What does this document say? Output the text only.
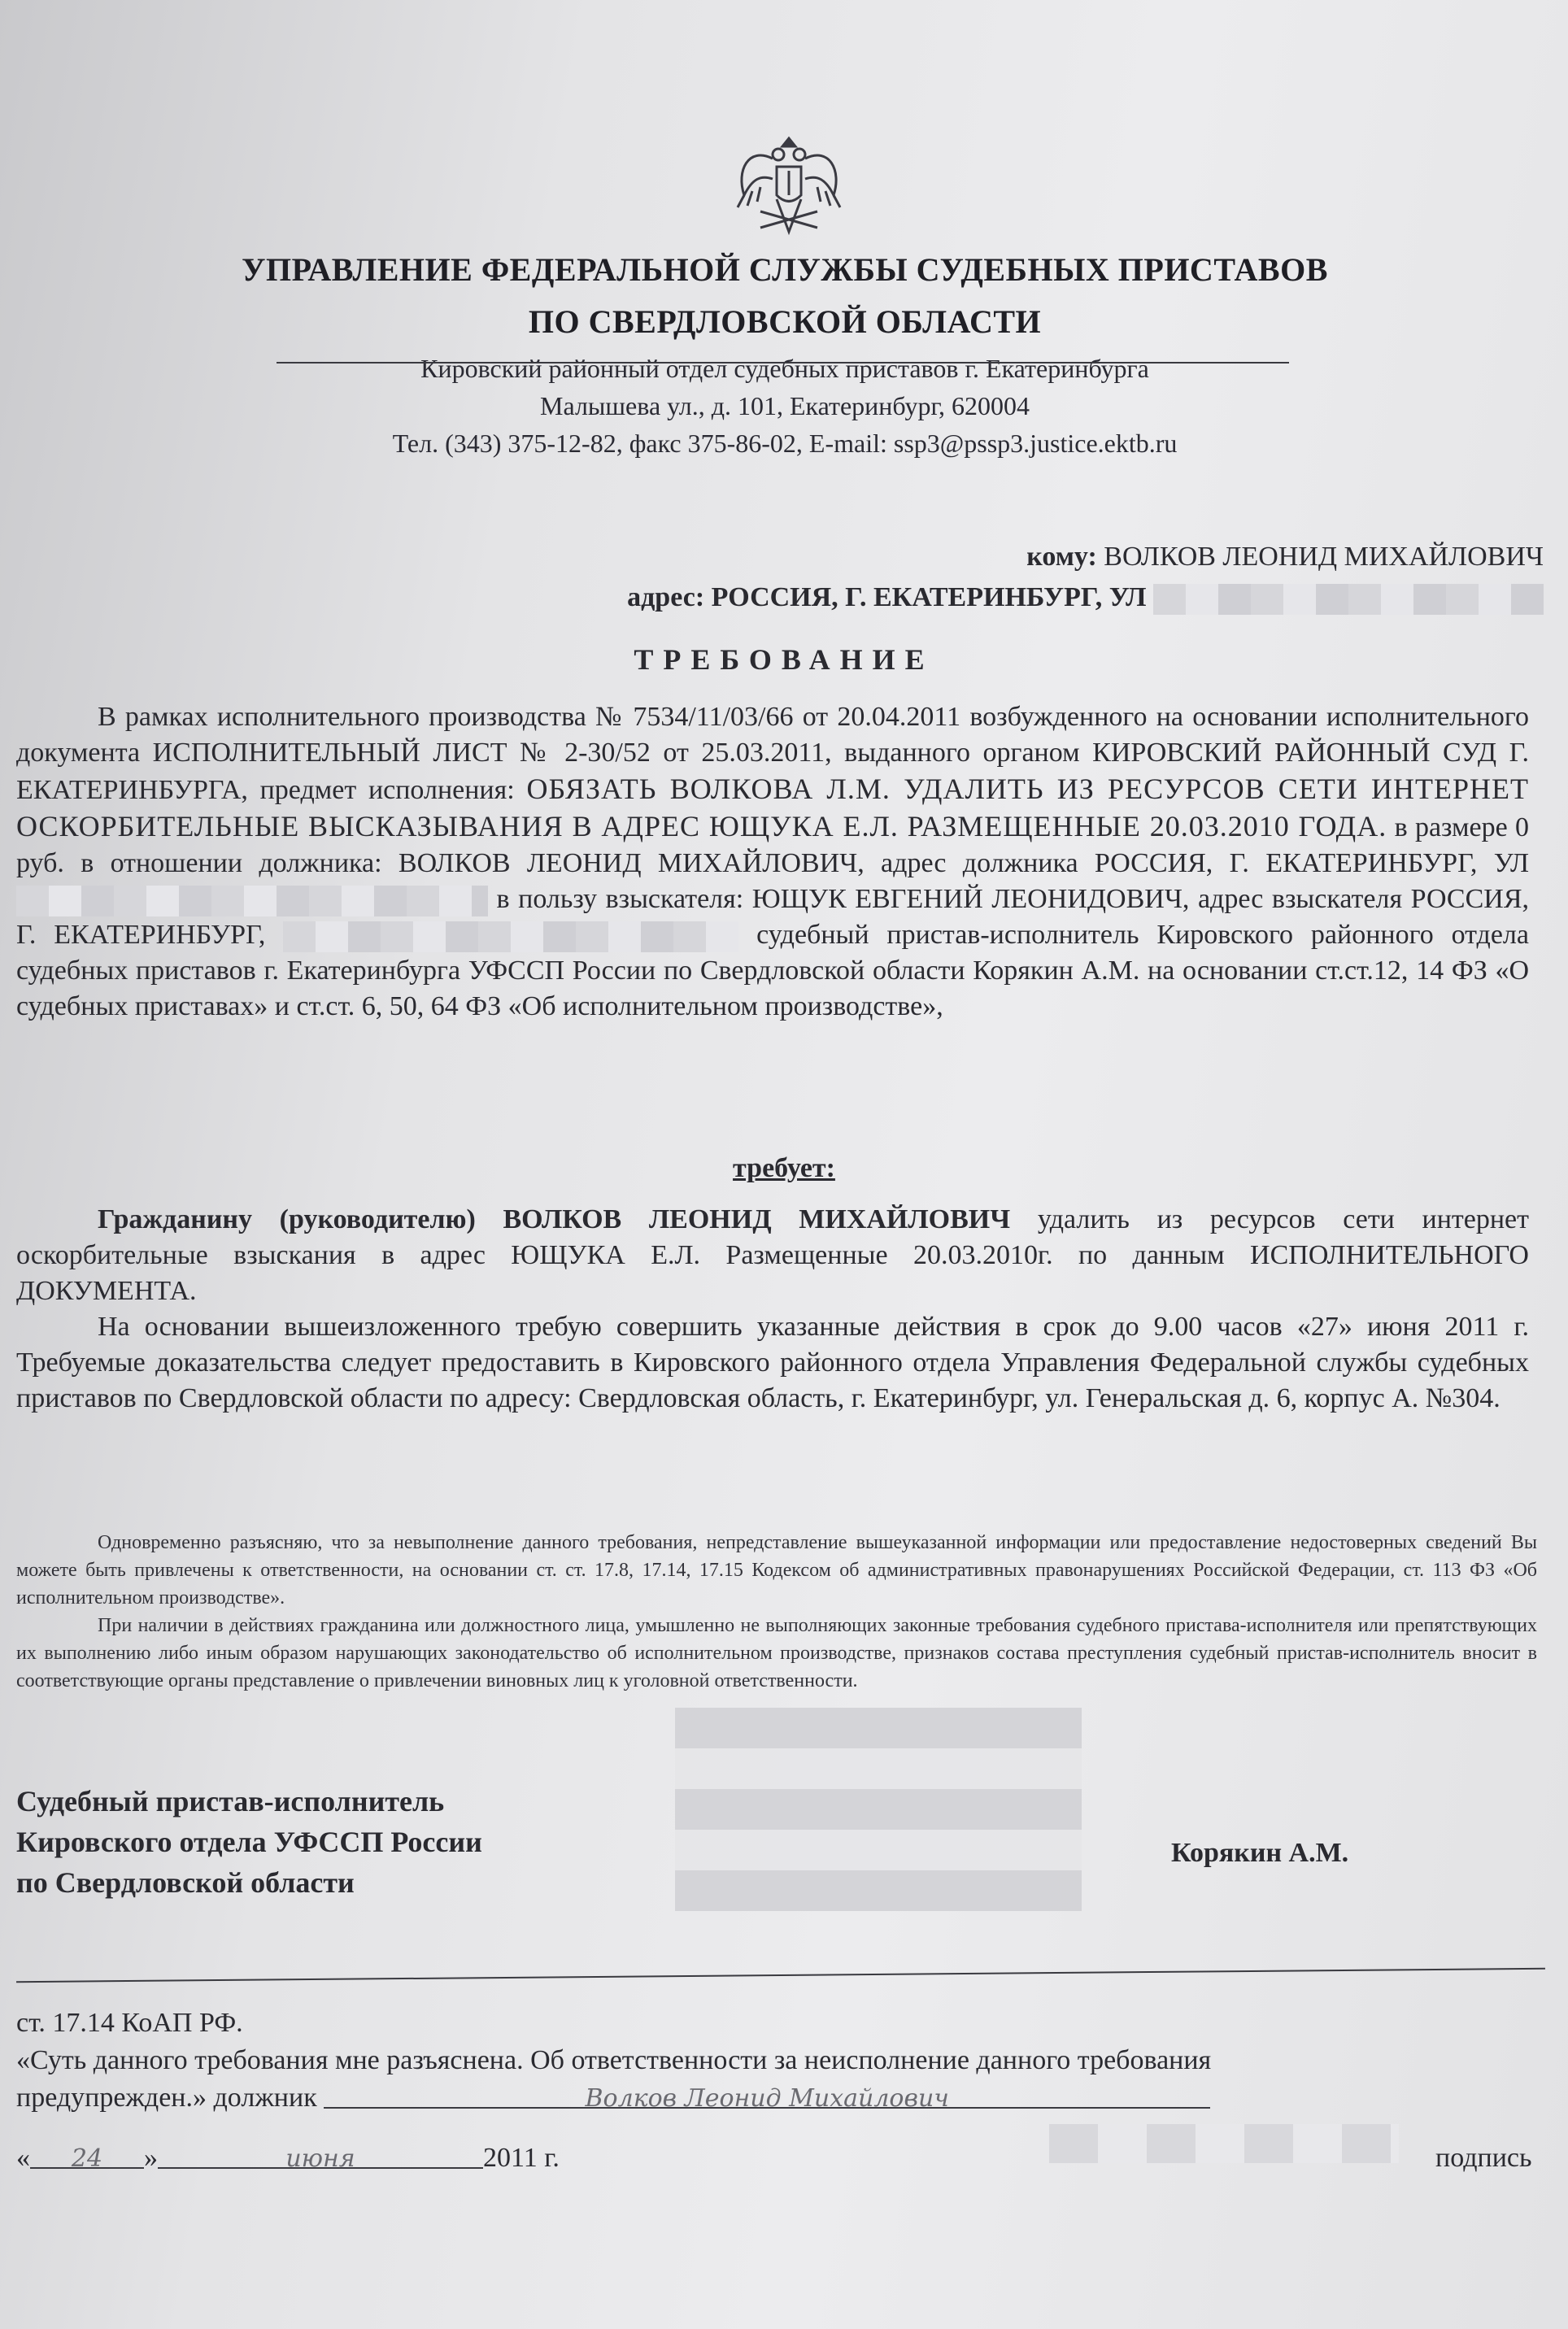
УПРАВЛЕНИЕ ФЕДЕРАЛЬНОЙ СЛУЖБЫ СУДЕБНЫХ ПРИСТАВОВ
ПО СВЕРДЛОВСКОЙ ОБЛАСТИ
Кировский районный отдел судебных приставов г. Екатеринбурга
Малышева ул., д. 101, Екатеринбург, 620004
Тел. (343) 375-12-82, факс 375-86-02, E-mail: ssp3@pssp3.justice.ektb.ru
кому: ВОЛКОВ ЛЕОНИД МИХАЙЛОВИЧ
адрес: РОССИЯ, Г. ЕКАТЕРИНБУРГ, УЛ
ТРЕБОВАНИЕ

В рамках исполнительного производства № 7534/11/03/66 от 20.04.2011 возбужденного на основании исполнительного документа ИСПОЛНИТЕЛЬНЫЙ ЛИСТ № 2-30/52 от 25.03.2011, выданного органом КИРОВСКИЙ РАЙОННЫЙ СУД Г. ЕКАТЕРИНБУРГА, предмет исполнения: ОБЯЗАТЬ ВОЛКОВА Л.М. УДАЛИТЬ ИЗ РЕСУРСОВ СЕТИ ИНТЕРНЕТ ОСКОРБИТЕЛЬНЫЕ ВЫСКАЗЫВАНИЯ В АДРЕС ЮЩУКА Е.Л. РАЗМЕЩЕННЫЕ 20.03.2010 ГОДА. в размере 0 руб. в отношении должника: ВОЛКОВ ЛЕОНИД МИХАЙЛОВИЧ, адрес должника РОССИЯ, Г. ЕКАТЕРИНБУРГ, УЛ  в пользу взыскателя: ЮЩУК ЕВГЕНИЙ ЛЕОНИДОВИЧ, адрес взыскателя РОССИЯ, Г. ЕКАТЕРИНБУРГ,	судебный пристав-исполнитель Кировского районного отдела судебных приставов г. Екатеринбурга УФССП России по Свердловской области Корякин А.М. на основании ст.ст.12, 14 ФЗ «О судебных приставах» и ст.ст. 6, 50, 64 ФЗ «Об исполнительном производстве»,

требует:

Гражданину (руководителю) ВОЛКОВ ЛЕОНИД МИХАЙЛОВИЧ удалить из ресурсов сети интернет оскорбительные взыскания в адрес ЮЩУКА Е.Л. Размещенные 20.03.2010г. по данным ИСПОЛНИТЕЛЬНОГО ДОКУМЕНТА.

На основании вышеизложенного требую совершить указанные действия в срок до 9.00 часов «27» июня 2011 г. Требуемые доказательства следует предоставить в Кировского районного отдела Управления Федеральной службы судебных приставов по Свердловской области по адресу: Свердловская область, г. Екатеринбург, ул. Генеральская д. 6, корпус А. №304.

Одновременно разъясняю, что за невыполнение данного требования, непредставление вышеуказанной информации или предоставление недостоверных сведений Вы можете быть привлечены к ответственности, на основании ст. ст. 17.8, 17.14, 17.15 Кодексом об административных правонарушениях Российской Федерации, ст. 113 ФЗ «Об исполнительном производстве».

При наличии в действиях гражданина или должностного лица, умышленно не выполняющих законные требования судебного пристава-исполнителя или препятствующих их выполнению либо иным образом нарушающих законодательство об исполнительном производстве, признаков состава преступления судебный пристав-исполнитель вносит в соответствующие органы представление о привлечении виновных лиц к уголовной ответственности.

Судебный пристав-исполнитель
Кировского отдела УФССП России
по Свердловской области
Корякин А.М.
ст. 17.14 КоАП РФ.
«Суть данного требования мне разъяснена. Об ответственности за неисполнение данного требования
предупрежден.» должник	Волков Леонид Михайлович
« 24 »	июня	2011 г.	подпись
